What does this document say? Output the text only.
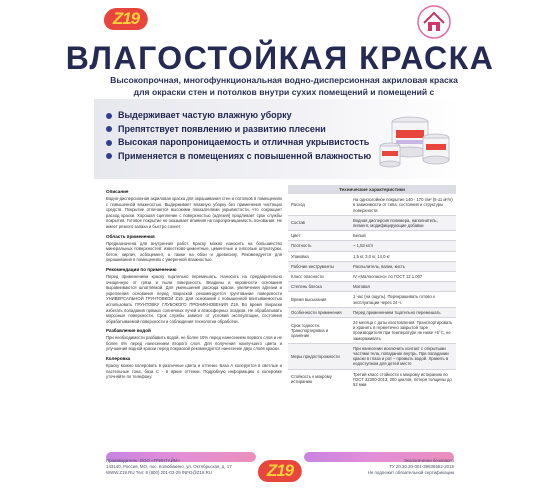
Z19
ВЛАГОСТОЙКАЯ КРАСКА
Высокопрочная, многофункциональная водно-дисперсионная акриловая краска для окраски стен и потолков внутри сухих помещений и помещений с
Выдерживает частую влажную уборку
Препятствует появлению и развитию плесени
Высокая паропроницаемость и отличная укрывистость
Применяется в помещениях с повышенной влажностью
Описание

Водно-дисперсионная акриловая краска для окрашивания стен и потолков в помещениях с повышенной влажностью. Выдерживает влажную уборку без применения чистящих средств. Покрытие отличается высокими показателями укрывистости, что сокращает расход краски. Хорошая сцепление с поверхностью (адгезия) продлевает срок службы покрытия. Готовое покрытие не оказывает влияния на паропроницаемость основания. Не имеет резкого запаха и быстро сохнет.

Область применения

Предназначена для внутренних работ. Краску можно наносить на большинство минеральных поверхностей: известково-цементные, цементные и гипсовые штукатурки, бетон, кирпич, асбоцемент, а также на обои и древесину. Рекомендуется для окрашивания в помещениях с умеренной влажностью.

Рекомендации по применению

Перед применением краску тщательно перемешать. Наносить на предварительно очищенную от грязи и пыли поверхность. Впадины и неровности основания выравниваются шпатлёвкой. Для уменьшения расхода краски, увеличения адгезии и укрепления основания перед покраской рекомендуется грунтование поверхности УНИВЕРСАЛЬНОЙ ГРУНТОВКОЙ Z19. Для оснований с повышенной впитываемостью использовать ГРУНТОВКУ ГЛУБОКОГО ПРОНИКНОВЕНИЯ Z19. Во время покраски избегать попадания прямых солнечных лучей и атмосферных осадков. Не обрабатывать морозные поверхности. Срок службы зависит от условий эксплуатации, состояния обрабатываемой поверхности и соблюдения технологии обработки.

Разбавление водой

При необходимости разбавить водой, не более 10% перед нанесением первого слоя и не более 5% перед нанесением второго слоя. Для получения наилучшего цвета и улучшения водной краски перед покраской рекомендуется нанесение двух слоёв краски.

Колеровка

Краску можно колеровать в различные цвета и оттенки. База А колеруется в светлые и пастельные тона, база С - в яркие оттенки. Подробную информацию о колеровке уточняйте по телефону.

Технические характеристики	
Расход	На однослойное покрытие 140 - 170 г/м² (5-11 м²/л) в зависимости от типа, состояния и структуры поверхности
Состав	Водная дисперсия полимера, наполнитель, пигмент, модифицирующие добавки
Цвет	Белый
Плотность	~ 1,53 кг/л
Упаковка	1,5 кг, 3,0 кг, 14,0 кг
Рабочие инструменты	Распылитель, валик, кисть
Класс опасности	IV «Малоопасно» по ГОСТ 12.1.007
Степень блеска	Матовая
Время высыхания	1 час (на ощупь). Перекрашивать готово к эксплуатации через 24 ч.
Особенности применения	Перед применением тщательно перемешать
Срок годности. Транспортировка и хранение	24 месяца с даты изготовления. Транспортировать и хранить в герметично закрытой таре производителя при температуре не ниже +5°С, не замораживать
Меры предосторожности	При нанесении исключить контакт с открытыми частями тела, попадание внутрь. При попадании краски в глаза и рот – промыть водой. Хранить в недоступном для детей месте
Стойкость к мокрому истиранию	Третий класс стойкости к мокрому истиранию по ГОСТ 32300-2013, 200 циклов, потеря толщины до 52 мкм
Производитель: ООО «ГРИНТАЙМ»
143140, Россия, МО, пос. Колюбакино, ул. Октябрьская, д. 17
WWW.Z19.RU Тел: 8 (800) 201-03-29 INFO@Z19.RU	Z19
Экологически безопасно
ТУ 20.30.20-001-39636552-2019
Не подлежит обязательной сертификации
